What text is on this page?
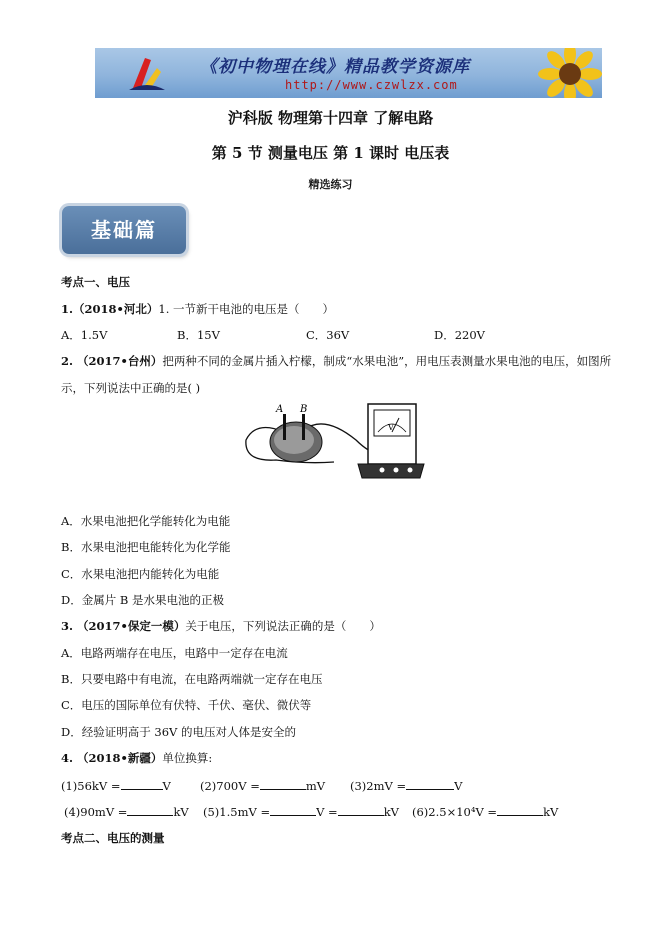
《初中物理在线》精品教学资源库
http://www.czwlzx.com
沪科版 物理第十四章 了解电路
第 5 节 测量电压 第 1 课时 电压表
精选练习
基础篇
考点一、电压
1.（2018•河北）1. 一节新干电池的电压是（　　）
A．1.5V	B．15V	C．36V	D．220V
2. （2017•台州）把两种不同的金属片插入柠檬，制成“水果电池”，用电压表测量水果电池的电压，如图所
示，下列说法中正确的是( )
A B
V
A．水果电池把化学能转化为电能
B．水果电池把电能转化为化学能
C．水果电池把内能转化为电能
D．金属片 B 是水果电池的正极
3. （2017•保定一模）关于电压，下列说法正确的是（　　）
A．电路两端存在电压，电路中一定存在电流
B．只要电路中有电流，在电路两端就一定存在电压
C．电压的国际单位有伏特、千伏、毫伏、微伏等
D．经验证明高于 36V 的电压对人体是安全的
4. （2018•新疆）单位换算:
(1)56kV =	V	(2)700V =	mV (3)2mV =	V
(4)90mV =	kV (5)1.5mV =	V =	kV (6)2.5×10⁴V =	kV
考点二、电压的测量
